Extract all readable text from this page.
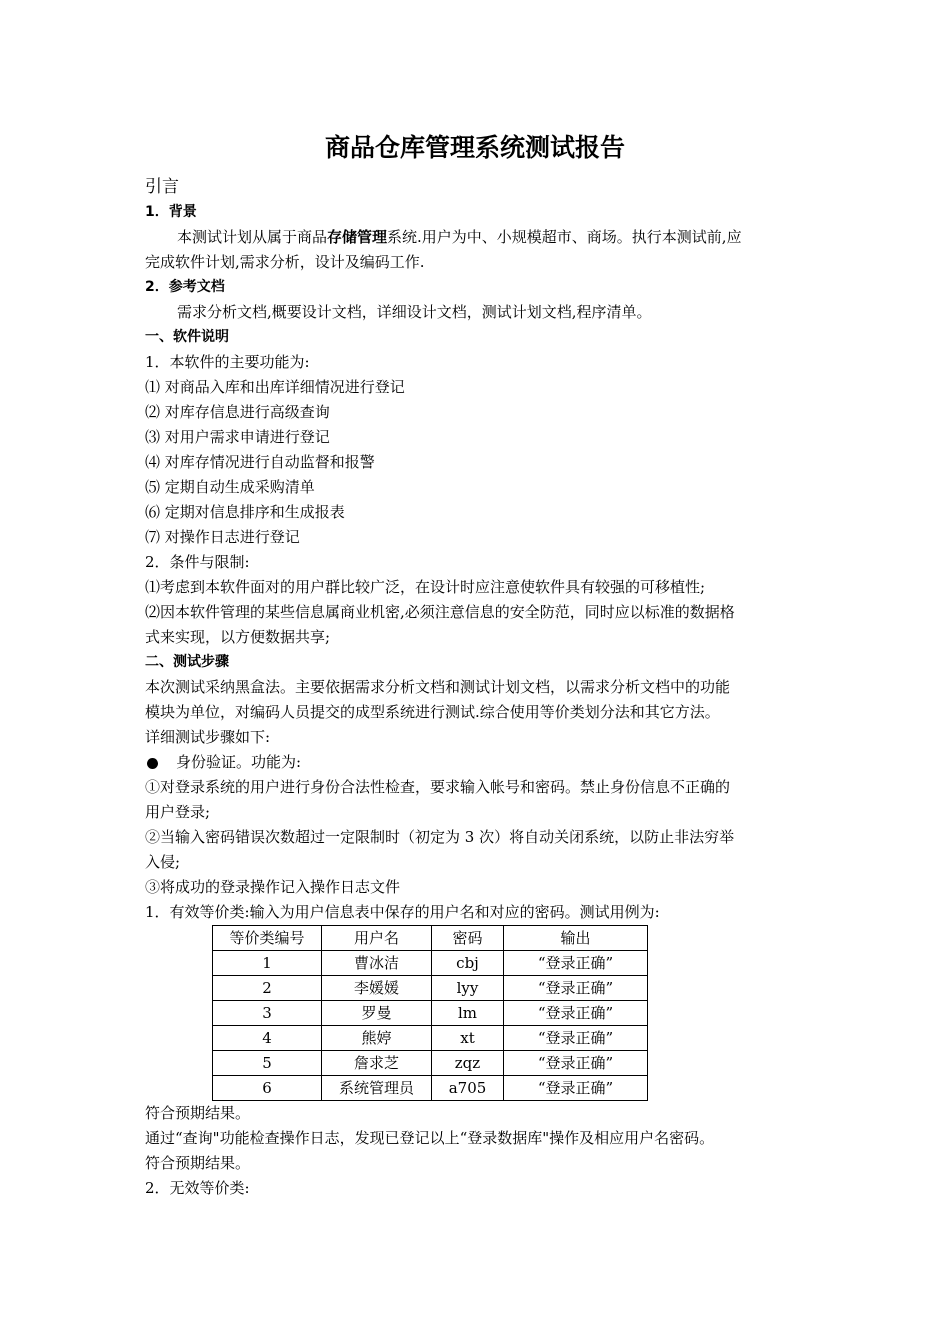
商品仓库管理系统测试报告
引言
1．背景
本测试计划从属于商品存储管理系统.用户为中、小规模超市、商场。执行本测试前,应
完成软件计划,需求分析，设计及编码工作.
2．参考文档
需求分析文档,概要设计文档，详细设计文档，测试计划文档,程序清单。
一、软件说明
1．本软件的主要功能为:
⑴ 对商品入库和出库详细情况进行登记
⑵ 对库存信息进行高级查询
⑶ 对用户需求申请进行登记
⑷ 对库存情况进行自动监督和报警
⑸ 定期自动生成采购清单
⑹ 定期对信息排序和生成报表
⑺ 对操作日志进行登记
2．条件与限制:
⑴考虑到本软件面对的用户群比较广泛，在设计时应注意使软件具有较强的可移植性;
⑵因本软件管理的某些信息属商业机密,必须注意信息的安全防范，同时应以标准的数据格
式来实现，以方便数据共享;
二、测试步骤
本次测试采纳黑盒法。主要依据需求分析文档和测试计划文档，以需求分析文档中的功能
模块为单位，对编码人员提交的成型系统进行测试.综合使用等价类划分法和其它方法。
详细测试步骤如下:
身份验证。功能为:
①对登录系统的用户进行身份合法性检查，要求输入帐号和密码。禁止身份信息不正确的
用户登录;
②当输入密码错误次数超过一定限制时（初定为 3 次）将自动关闭系统，以防止非法穷举
入侵;
③将成功的登录操作记入操作日志文件
1．有效等价类:输入为用户信息表中保存的用户名和对应的密码。测试用例为:
等价类编号	用户名	密码	输出
1	曹冰洁	cbj	“登录正确”
2	李媛媛	lyy	“登录正确”
3	罗曼	lm	“登录正确”
4	熊婷	xt	“登录正确”
5	詹求芝	zqz	“登录正确”
6	系统管理员	a705	“登录正确”
符合预期结果。
通过“查询"功能检查操作日志，发现已登记以上“登录数据库"操作及相应用户名密码。
符合预期结果。
2．无效等价类:
